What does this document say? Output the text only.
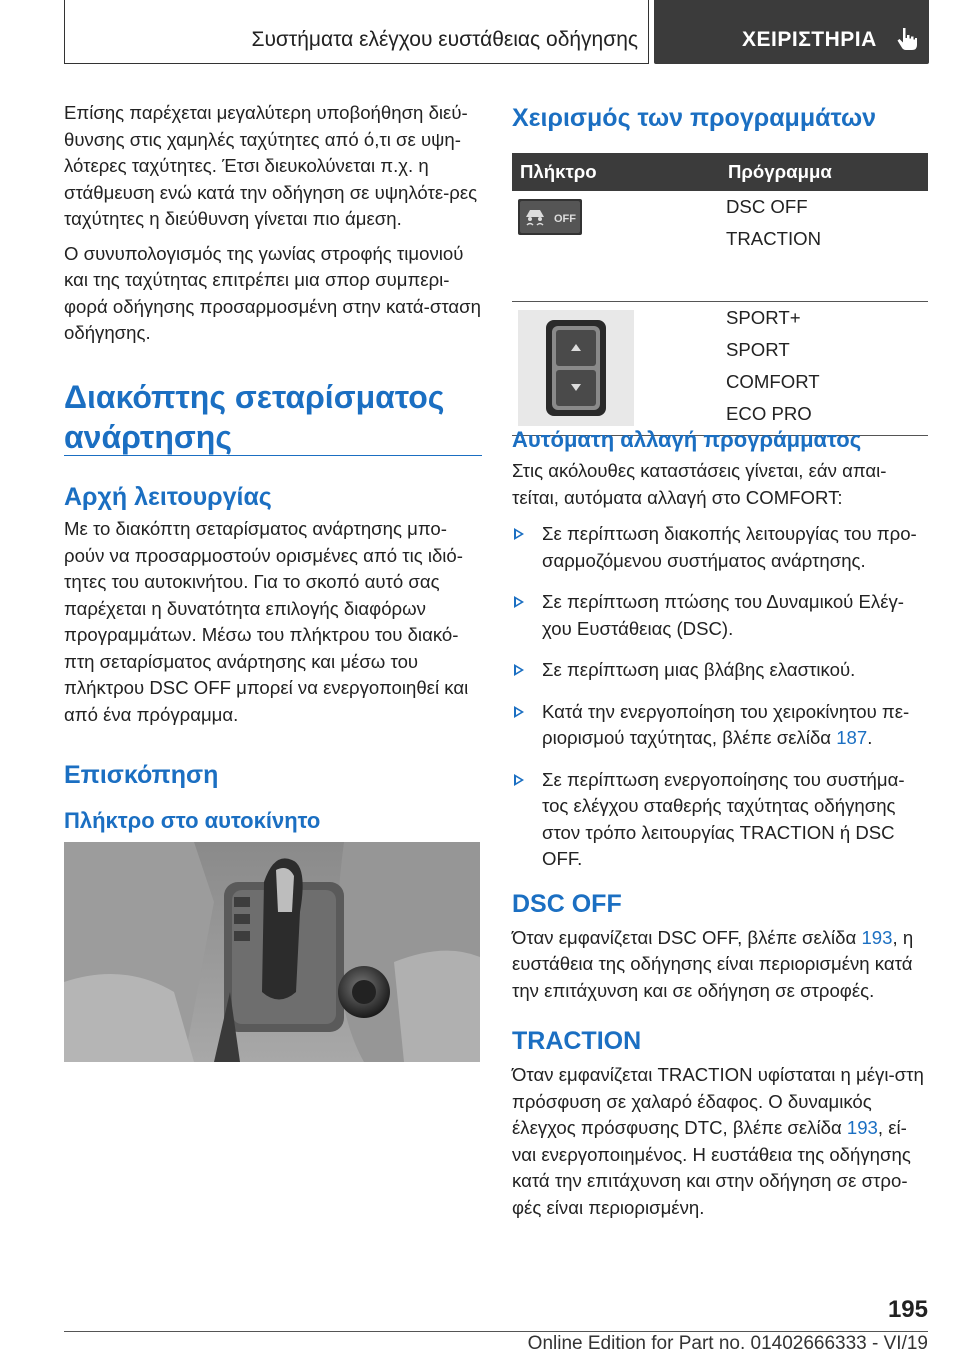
Συστήματα ελέγχου ευστάθειας οδήγησης	ΧΕΙΡΙΣΤΗΡΙΑ

Επίσης παρέχεται μεγαλύτερη υποβοήθηση διεύ‐θυνσης στις χαμηλές ταχύτητες από ό,τι σε υψη‐λότερες ταχύτητες. Έτσι διευκολύνεται π.χ. η στάθμευση ενώ κατά την οδήγηση σε υψηλότε‐ρες ταχύτητες η διεύθυνση γίνεται πιο άμεση.

Ο συνυπολογισμός της γωνίας στροφής τιμονιού και της ταχύτητας επιτρέπει μια σπορ συμπερι‐φορά οδήγησης προσαρμοσμένη στην κατά‐σταση οδήγησης.

Διακόπτης σεταρίσματος
ανάρτησης
Αρχή λειτουργίας

Με το διακόπτη σεταρίσματος ανάρτησης μπο‐ρούν να προσαρμοστούν ορισμένες από τις ιδιό‐τητες του αυτοκινήτου. Για το σκοπό αυτό σας παρέχεται η δυνατότητα επιλογής διαφόρων προγραμμάτων. Μέσω του πλήκτρου του διακό‐πτη σεταρίσματος ανάρτησης και μέσω του πλήκτρου DSC OFF μπορεί να ενεργοποιηθεί και από ένα πρόγραμμα.

Επισκόπηση
Πλήκτρο στο αυτοκίνητο
Χειρισμός των προγραμμάτων
Πλήκτρο	Πρόγραμμα

OFF	DSC OFF
TRACTION

SPORT+
SPORT
COMFORT
ECO PRO
Αυτόματη αλλαγή προγράμματος

Στις ακόλουθες καταστάσεις γίνεται, εάν απαι‐τείται, αυτόματα αλλαγή στο COMFORT:

Σε περίπτωση διακοπής λειτουργίας του προ‐σαρμοζόμενου συστήματος ανάρτησης.
Σε περίπτωση πτώσης του Δυναμικού Ελέγ‐χου Ευστάθειας (DSC).
Σε περίπτωση μιας βλάβης ελαστικού.
Κατά την ενεργοποίηση του χειροκίνητου πε‐ριορισμού ταχύτητας, βλέπε σελίδα 187.
Σε περίπτωση ενεργοποίησης του συστήμα‐τος ελέγχου σταθερής ταχύτητας οδήγησης στον τρόπο λειτουργίας TRACTION ή DSC OFF.
DSC OFF

Όταν εμφανίζεται DSC OFF, βλέπε σελίδα 193, η ευστάθεια της οδήγησης είναι περιορισμένη κατά την επιτάχυνση και σε οδήγηση σε στροφές.

TRACTION

Όταν εμφανίζεται TRACTION υφίσταται η μέγι‐στη πρόσφυση σε χαλαρό έδαφος. Ο δυναμικός έλεγχος πρόσφυσης DTC, βλέπε σελίδα 193, εί‐ναι ενεργοποιημένος. Η ευστάθεια της οδήγησης κατά την επιτάχυνση και στην οδήγηση σε στρο‐φές είναι περιορισμένη.

195
Online Edition for Part no. 01402666333 - VI/19
